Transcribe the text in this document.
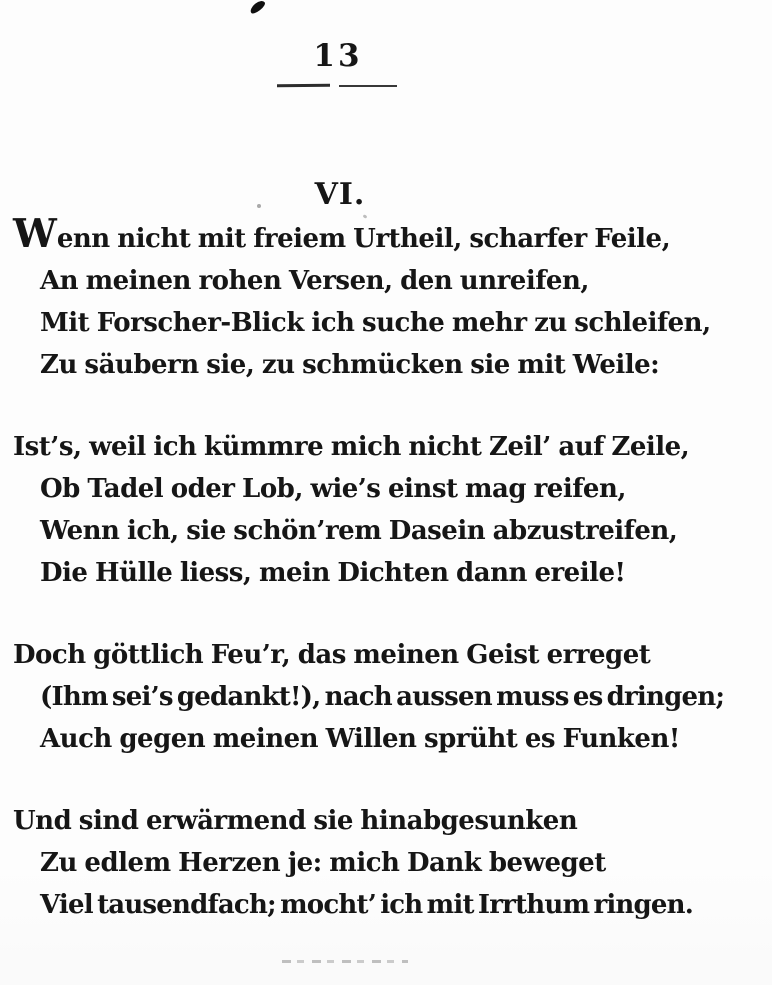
13
VI.
Wenn nicht mit freiem Urtheil, scharfer Feile,
An meinen rohen Versen, den unreifen,
Mit Forscher-Blick ich suche mehr zu schleifen,
Zu säubern sie, zu schmücken sie mit Weile:
Ist’s, weil ich kümmre mich nicht Zeil’ auf Zeile,
Ob Tadel oder Lob, wie’s einst mag reifen,
Wenn ich, sie schön’rem Dasein abzustreifen,
Die Hülle liess, mein Dichten dann ereile!
Doch göttlich Feu’r, das meinen Geist erreget
(Ihm sei’s gedankt!), nach aussen muss es dringen;
Auch gegen meinen Willen sprüht es Funken!
Und sind erwärmend sie hinabgesunken
Zu edlem Herzen je: mich Dank beweget
Viel tausendfach; mocht’ ich mit Irrthum ringen.
